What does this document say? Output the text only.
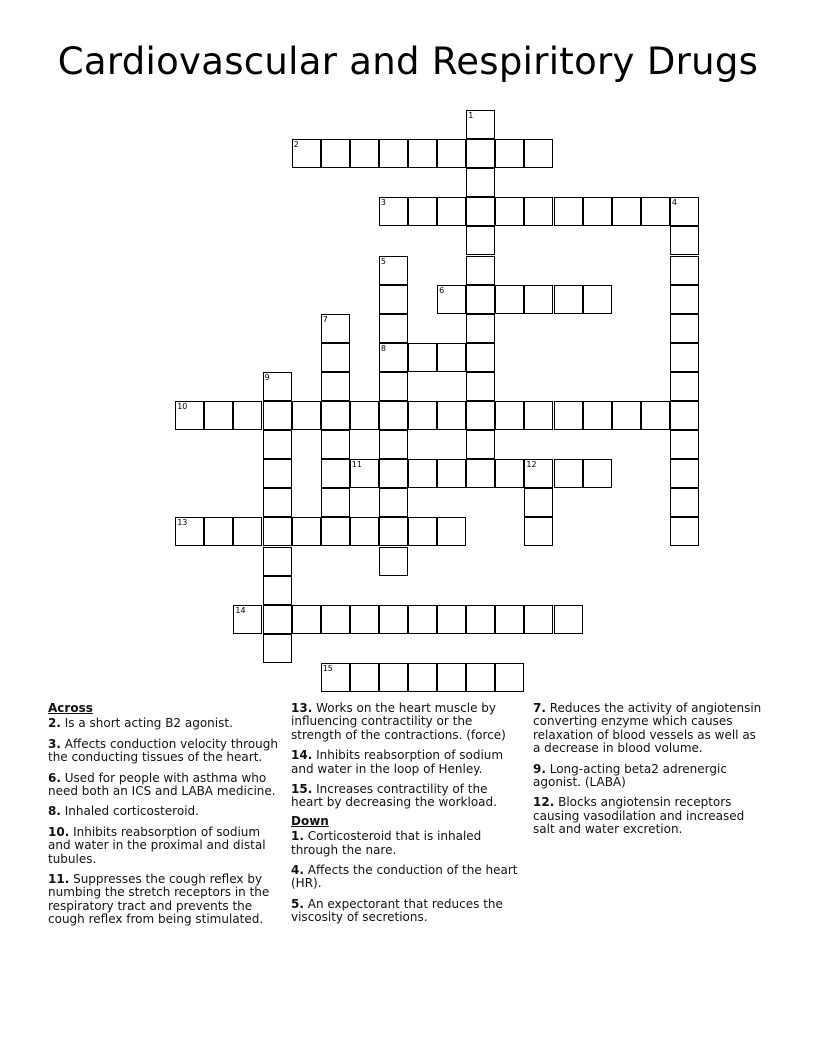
Cardiovascular and Respiritory Drugs
1
2
3	4
5
8
6
7
9
10
11	12
13
14
15
Across
2. Is a short acting B2 agonist.
3. Affects conduction velocity through the conducting tissues of the heart.
6. Used for people with asthma who need both an ICS and LABA medicine.
8. Inhaled corticosteroid.
10. Inhibits reabsorption of sodium and water in the proximal and distal tubules.
11. Suppresses the cough reflex by numbing the stretch receptors in the respiratory tract and prevents the cough reflex from being stimulated.
13. Works on the heart muscle by influencing contractility or the strength of the contractions. (force)
14. Inhibits reabsorption of sodium and water in the loop of Henley.
15. Increases contractility of the heart by decreasing the workload.
Down
1. Corticosteroid that is inhaled through the nare.
4. Affects the conduction of the heart (HR).
5. An expectorant that reduces the viscosity of secretions.
7. Reduces the activity of angiotensin converting enzyme which causes relaxation of blood vessels as well as a decrease in blood volume.
9. Long-acting beta2 adrenergic agonist. (LABA)
12. Blocks angiotensin receptors causing vasodilation and increased salt and water excretion.
